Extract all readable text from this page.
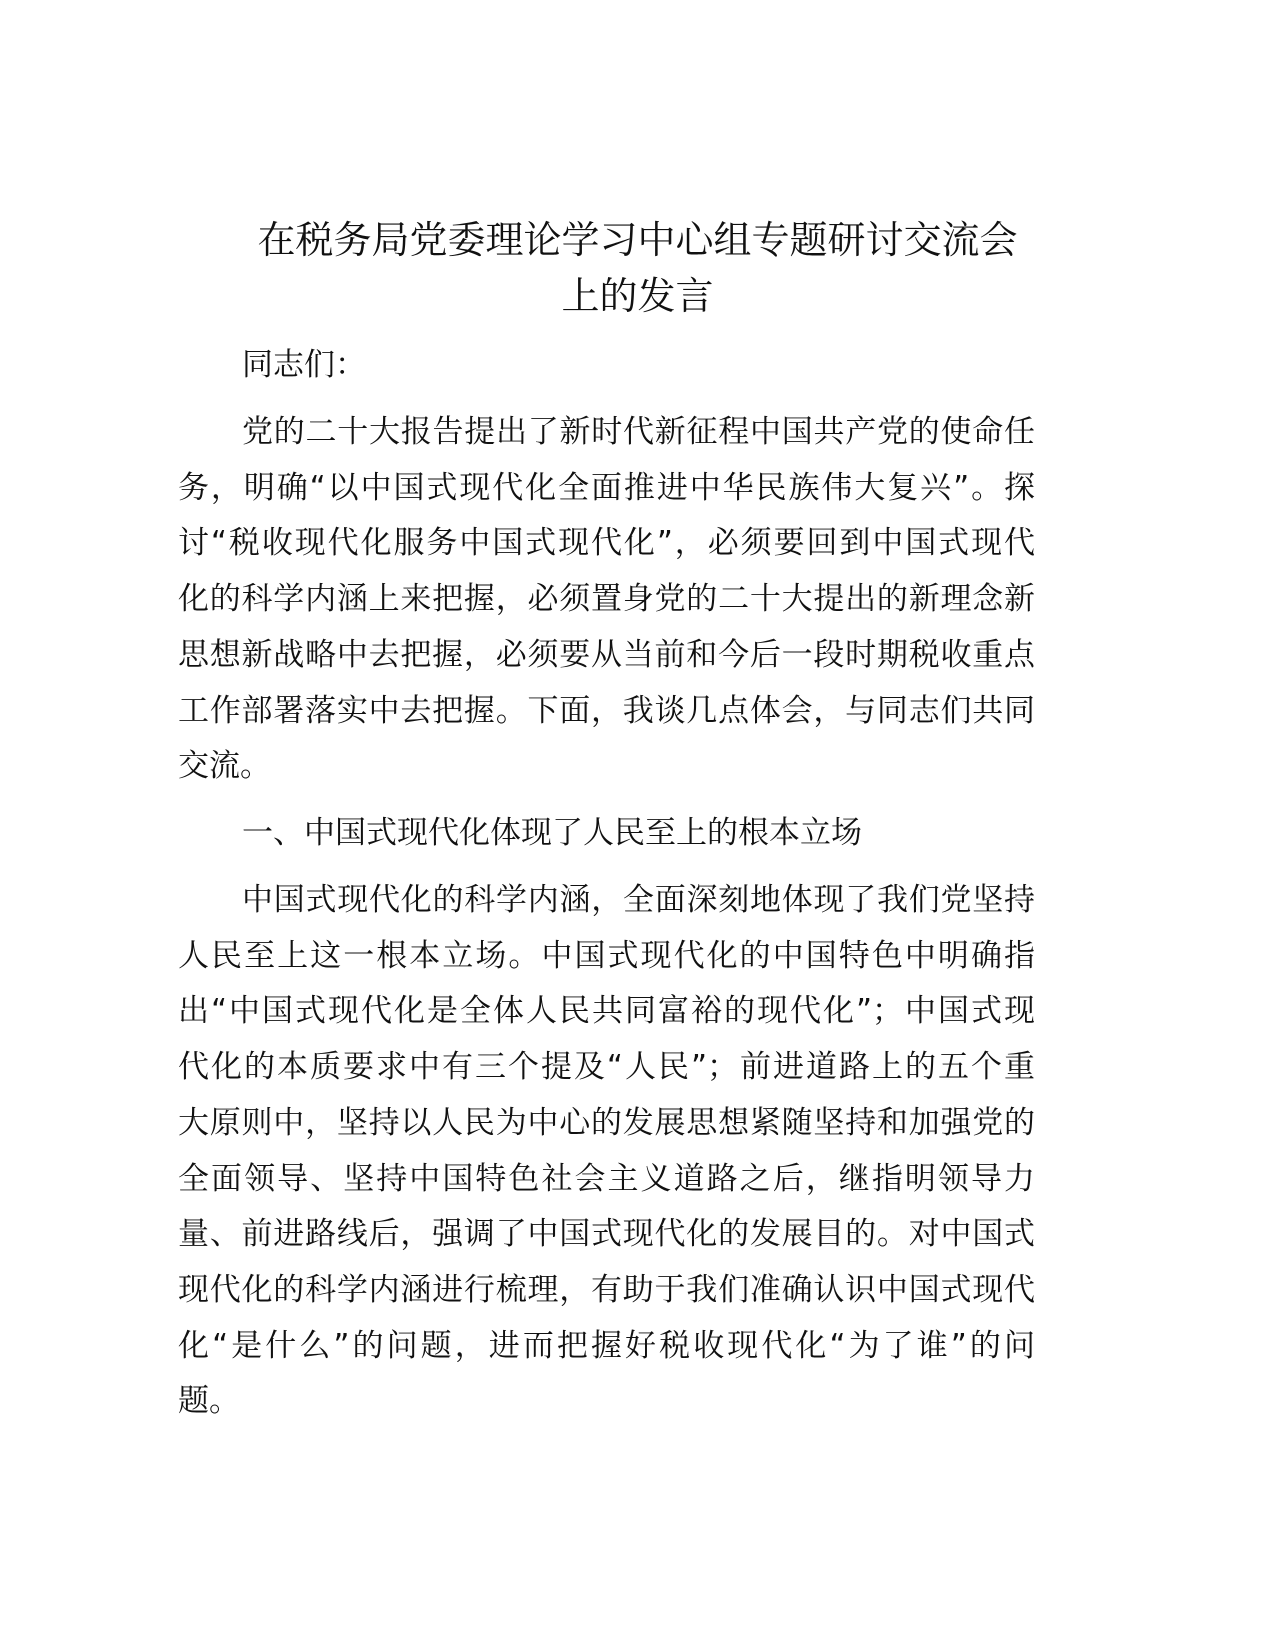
在税务局党委理论学习中心组专题研讨交流会
上的发言
同志们：
党的二十大报告提出了新时代新征程中国共产党的使命任
务，明确“以中国式现代化全面推进中华民族伟大复兴”。探
讨“税收现代化服务中国式现代化”，必须要回到中国式现代
化的科学内涵上来把握，必须置身党的二十大提出的新理念新
思想新战略中去把握，必须要从当前和今后一段时期税收重点
工作部署落实中去把握。下面，我谈几点体会，与同志们共同
交流。
一、中国式现代化体现了人民至上的根本立场
中国式现代化的科学内涵，全面深刻地体现了我们党坚持
人民至上这一根本立场。中国式现代化的中国特色中明确指
出“中国式现代化是全体人民共同富裕的现代化”；中国式现
代化的本质要求中有三个提及“人民”；前进道路上的五个重
大原则中，坚持以人民为中心的发展思想紧随坚持和加强党的
全面领导、坚持中国特色社会主义道路之后，继指明领导力
量、前进路线后，强调了中国式现代化的发展目的。对中国式
现代化的科学内涵进行梳理，有助于我们准确认识中国式现代
化“是什么”的问题，进而把握好税收现代化“为了谁”的问
题。
